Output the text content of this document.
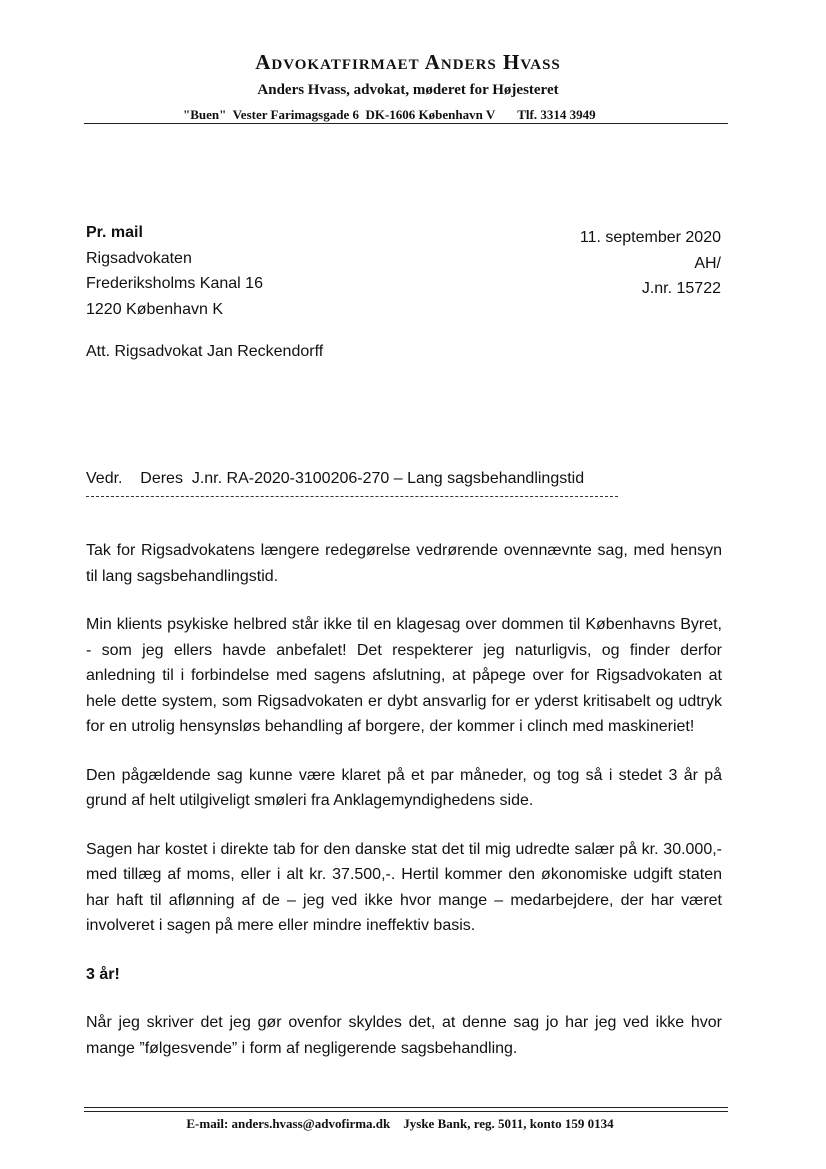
Advokatfirmaet Anders Hvass
Anders Hvass, advokat, møderet for Højesteret
"Buen"  Vester Farimagsgade 6  DK-1606 København V Tlf. 3314 3949
Pr. mail
Rigsadvokaten
Frederiksholms Kanal 16
1220 København K
11. september 2020
AH/
J.nr. 15722
Att. Rigsadvokat Jan Reckendorff
Vedr.    Deres  J.nr. RA-2020-3100206-270 – Lang sagsbehandlingstid

Tak for Rigsadvokatens længere redegørelse vedrørende ovennævnte sag, med hensyn til lang sagsbehandlingstid.

Min klients psykiske helbred står ikke til en klagesag over dommen til Københavns Byret, - som jeg ellers havde anbefalet! Det respekterer jeg naturligvis, og finder derfor anledning til i forbindelse med sagens afslutning, at påpege over for Rigsadvokaten at hele dette system, som Rigsadvokaten er dybt ansvarlig for er yderst kritisabelt og udtryk for en utrolig hensynsløs behandling af borgere, der kommer i clinch med maskineriet!

Den pågældende sag kunne være klaret på et par måneder, og tog så i stedet 3 år på grund af helt utilgiveligt smøleri fra Anklagemyndighedens side.

Sagen har kostet i direkte tab for den danske stat det til mig udredte salær på kr. 30.000,- med tillæg af moms, eller i alt kr. 37.500,-. Hertil kommer den økonomiske udgift staten har haft til aflønning af de – jeg ved ikke hvor mange – medarbejdere, der har været involveret i sagen på mere eller mindre ineffektiv basis.

3 år!

Når jeg skriver det jeg gør ovenfor skyldes det, at denne sag jo har jeg ved ikke hvor mange ”følgesvende” i form af negligerende sagsbehandling.

E-mail: anders.hvass@advofirma.dk Jyske Bank, reg. 5011, konto 159 0134
